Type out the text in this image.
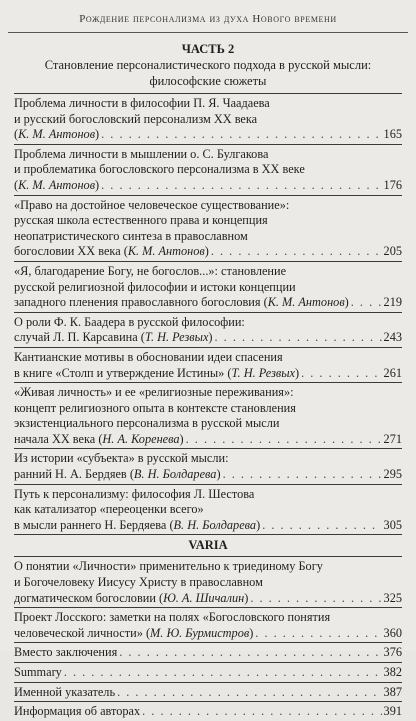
Рождение персонализма из духа Нового времени
ЧАСТЬ 2
Становление персоналистического подхода в русской мысли:
философские сюжеты
Проблема личности в философии П. Я. Чаадаева
и русский богословский персонализм ХХ века
(К. М. Антонов) . . .	165
Проблема личности в мышлении о. С. Булгакова
и проблематика богословского персонализма в ХХ веке
(К. М. Антонов) . . .	176
«Право на достойное человеческое существование»:
русская школа естественного права и концепция
неопатристического синтеза в православном
богословии ХХ века (К. М. Антонов) . . .	205
«Я, благодарение Богу, не богослов...»: становление
русской религиозной философии и истоки концепции
западного пленения православного богословия (К. М. Антонов) . . .	219
О роли Ф. К. Баадера в русской философии:
случай Л. П. Карсавина (Т. Н. Резвых) . . .	243
Кантианские мотивы в обосновании идеи спасения
в книге «Столп и утверждение Истины» (Т. Н. Резвых) . . .	261
«Живая личность» и ее «религиозные переживания»:
концепт религиозного опыта в контексте становления
экзистенциального персонализма в русской мысли
начала ХХ века (Н. А. Коренева) . . .	271
Из истории «субъекта» в русской мысли:
ранний Н. А. Бердяев (В. Н. Болдарева) . . .	295
Путь к персонализму: философия Л. Шестова
как катализатор «переоценки всего»
в мысли раннего Н. Бердяева (В. Н. Болдарева) . . .	305
VARIA
О понятии «Личности» применительно к триединому Богу
и Богочеловеку Иисусу Христу в православном
догматическом богословии (Ю. А. Шичалин) . . .	325
Проект Лосского: заметки на полях «Богословского понятия
человеческой личности» (М. Ю. Бурмистров) . . .	360
Вместо заключения . . .	376
Summary . . .	382
Именной указатель . . .	387
Информация об авторах . . .	391
